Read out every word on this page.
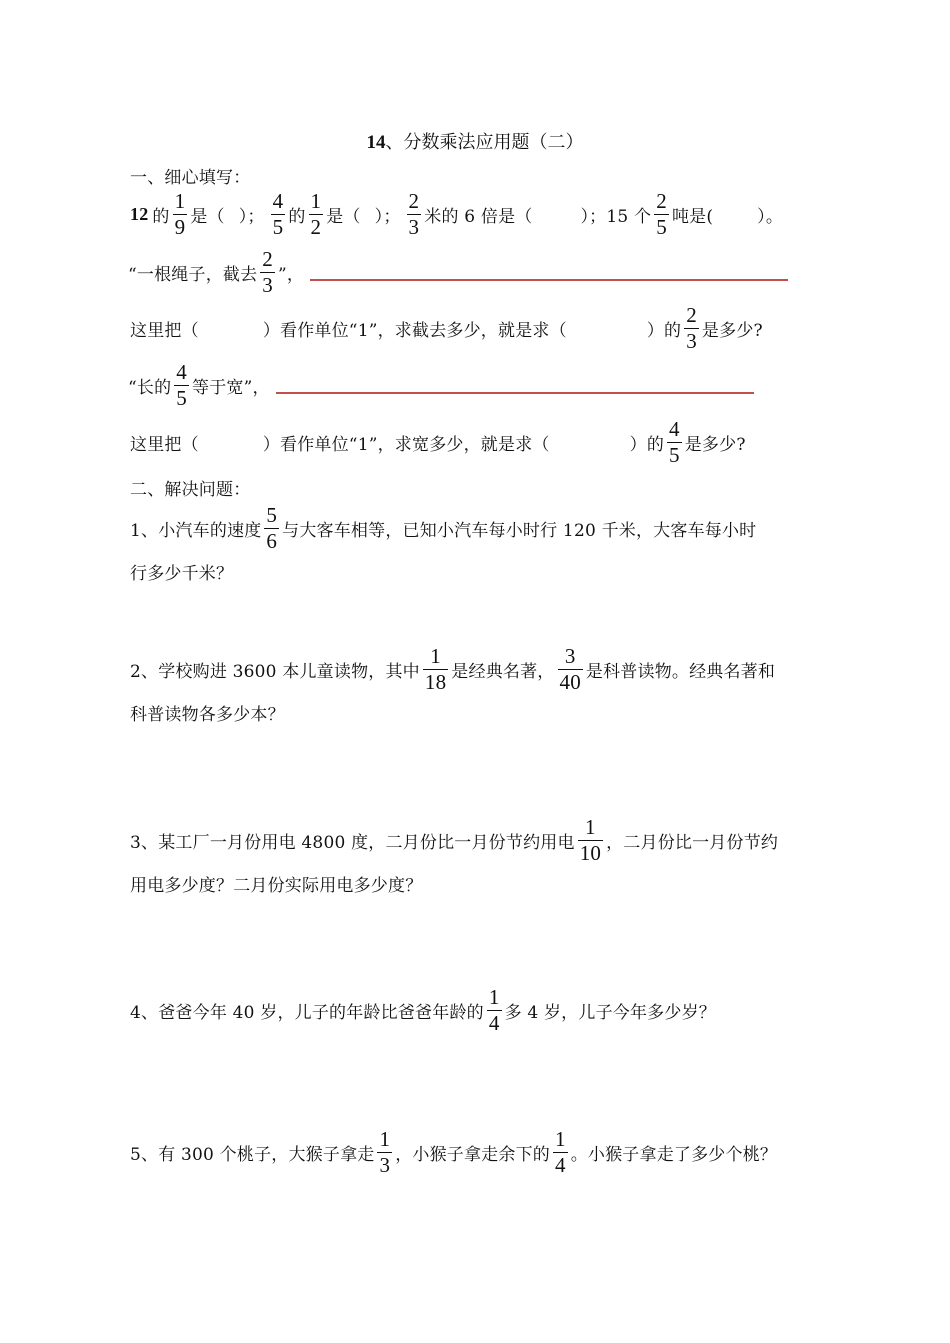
14、分数乘法应用题（二）
一、细心填写：
12 的 $\frac{1}{9}$ 是（ ）； $\frac{4}{5}$ 的 $\frac{1}{2}$ 是（ ）； $\frac{2}{3}$ 米的 6 倍是（	）；15 个 $\frac{2}{5}$ 吨是(	）。
“一根绳子，截去 $\frac{2}{3}$ ”，
这里把（	）看作单位“1”，求截去多少，就是求（	）的 $\frac{2}{3}$ 是多少?
“长的 $\frac{4}{5}$ 等于宽”，
这里把（	）看作单位“1”，求宽多少，就是求（	）的 $\frac{4}{5}$ 是多少?
二、解决问题：
1、小汽车的速度 $\frac{5}{6}$ 与大客车相等，已知小汽车每小时行 120 千米，大客车每小时
行多少千米？
2、学校购进 3600 本儿童读物，其中 $\frac{1}{18}$ 是经典名著， $\frac{3}{40}$ 是科普读物。经典名著和
科普读物各多少本？
3、某工厂一月份用电 4800 度，二月份比一月份节约用电 $\frac{1}{10}$ ，二月份比一月份节约
用电多少度？二月份实际用电多少度？
4、爸爸今年 40 岁，儿子的年龄比爸爸年龄的 $\frac{1}{4}$ 多 4 岁，儿子今年多少岁？
5、有 300 个桃子，大猴子拿走 $\frac{1}{3}$ ，小猴子拿走余下的 $\frac{1}{4}$ 。小猴子拿走了多少个桃？
